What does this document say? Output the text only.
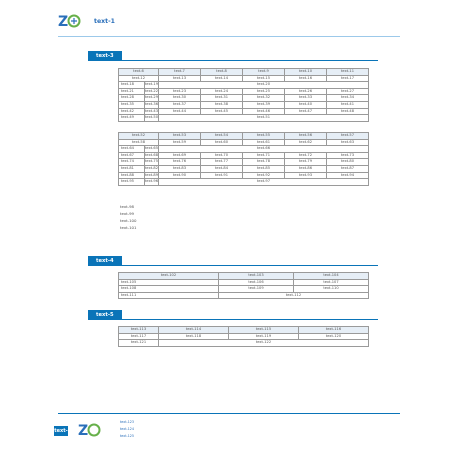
Z	text-1
text-3
text-6		text-7	text-8	text-9	text-10	text-11
text-12		text-13	text-14	text-15	text-16	text-17
text-18	text-19	text-20				
text-21	text-22	text-23	text-24	text-25	text-26	text-27
text-28	text-29	text-30	text-31	text-32	text-33	text-34
text-35	text-36	text-37	text-38	text-39	text-40	text-41
text-42	text-43	text-44	text-45	text-46	text-47	text-48
text-49	text-50	text-51				
text-52		text-53	text-54	text-55	text-56	text-57
text-58		text-59	text-60	text-61	text-62	text-63
text-64	text-65	text-66				
text-67	text-68	text-69	text-70	text-71	text-72	text-73
text-74	text-75	text-76	text-77	text-78	text-79	text-80
text-81	text-82	text-83	text-84	text-85	text-86	text-87
text-88	text-89	text-90	text-91	text-92	text-93	text-94
text-95	text-96	text-97				
text-98
text-99
text-100
text-101
text-4
text-102	text-103	text-104
text-105	text-106	text-107
text-108	text-109	text-110
text-111	text-112	
text-5
text-113	text-114	text-115	text-116
text-117	text-118	text-119	text-120
text-121	text-122		
text-2
Z
text-123
text-124
text-125
